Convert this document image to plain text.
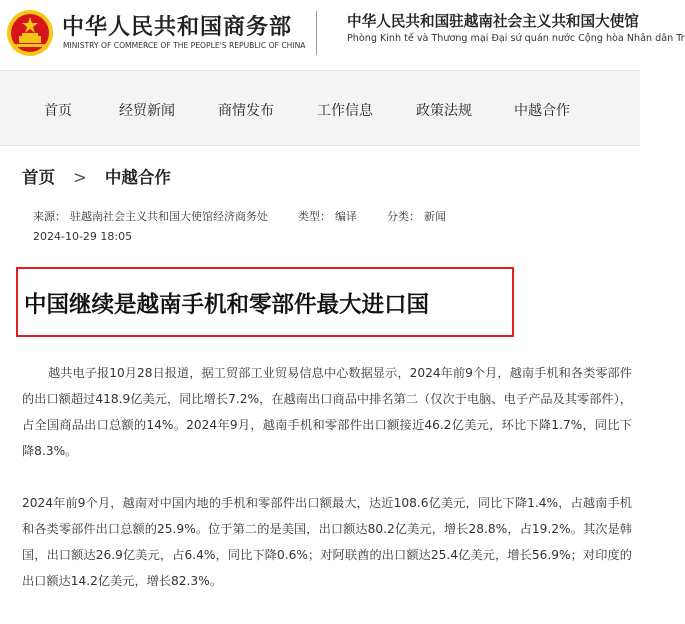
中华人民共和国商务部
MINISTRY OF COMMERCE OF THE PEOPLE'S REPUBLIC OF CHINA
中华人民共和国驻越南社会主义共和国大使馆
Phòng Kinh tế và Thương mại Đại sứ quán nước Cộng hòa Nhân dân Tr
首页	经贸新闻	商情发布	工作信息	政策法规	中越合作
首页 > 中越合作
来源： 驻越南社会主义共和国大使馆经济商务处	类型： 编译	分类： 新闻
2024-10-29 18:05
中国继续是越南手机和零部件最大进口国

越共电子报10月28日报道，据工贸部工业贸易信息中心数据显示，2024年前9个月，越南手机和各类零部件的出口额超过418.9亿美元，同比增长7.2%，在越南出口商品中排名第二（仅次于电脑、电子产品及其零部件），占全国商品出口总额的14%。2024年9月，越南手机和零部件出口额接近46.2亿美元，环比下降1.7%，同比下降8.3%。

2024年前9个月，越南对中国内地的手机和零部件出口额最大，达近108.6亿美元，同比下降1.4%，占越南手机和各类零部件出口总额的25.9%。位于第二的是美国，出口额达80.2亿美元，增长28.8%，占19.2%。其次是韩国，出口额达26.9亿美元，占6.4%，同比下降0.6%；对阿联酋的出口额达25.4亿美元，增长56.9%；对印度的出口额达14.2亿美元，增长82.3%。
